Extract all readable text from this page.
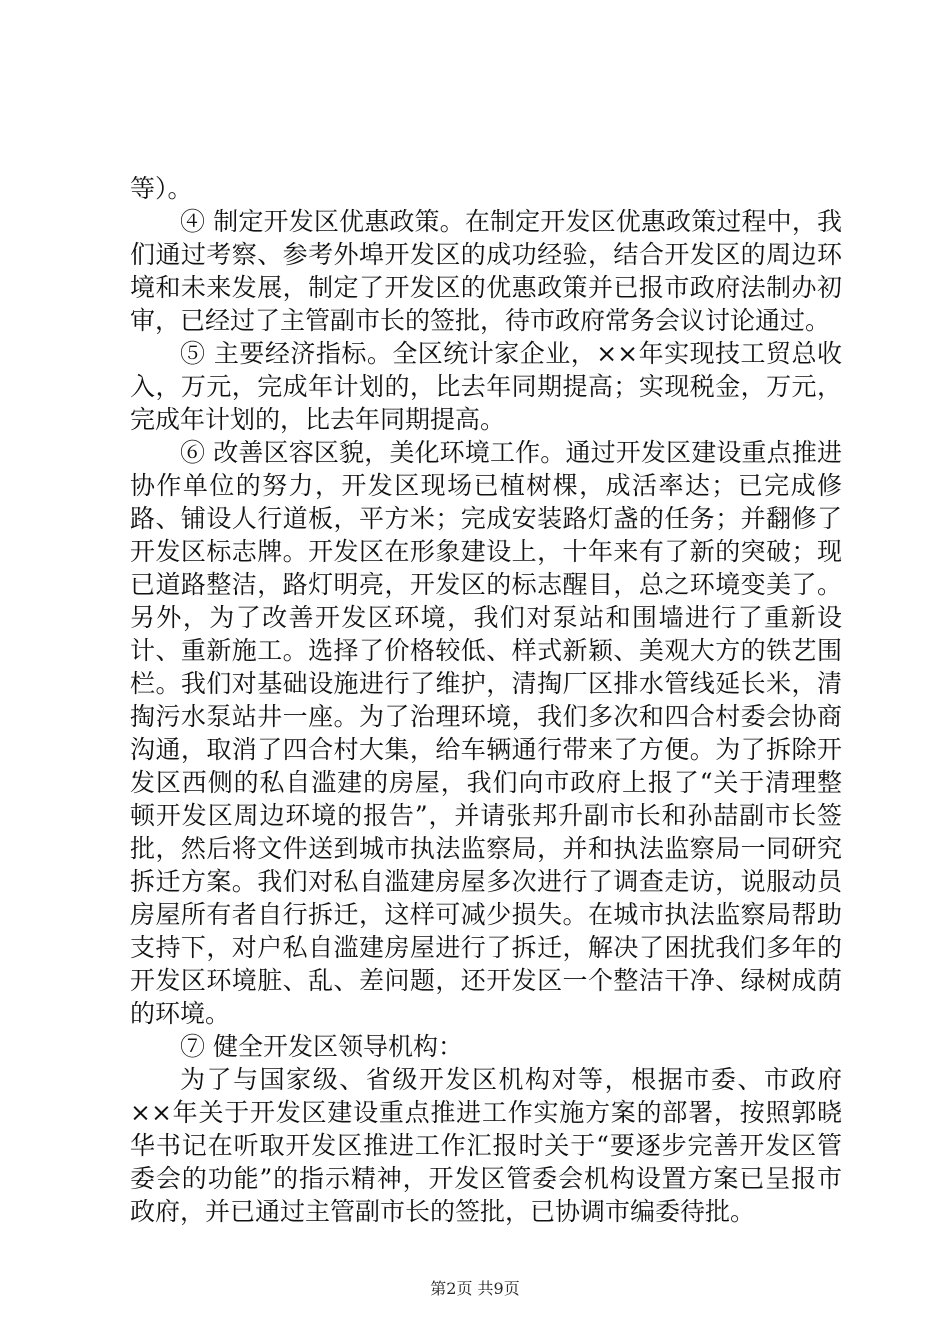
等）。

④ 制定开发区优惠政策。在制定开发区优惠政策过程中，我们通过考察、参考外埠开发区的成功经验，结合开发区的周边环境和未来发展，制定了开发区的优惠政策并已报市政府法制办初审，已经过了主管副市长的签批，待市政府常务会议讨论通过。

⑤ 主要经济指标。全区统计家企业，××年实现技工贸总收入，万元，完成年计划的，比去年同期提高；实现税金，万元，完成年计划的，比去年同期提高。

⑥ 改善区容区貌，美化环境工作。通过开发区建设重点推进协作单位的努力，开发区现场已植树棵，成活率达；已完成修路、铺设人行道板，平方米；完成安装路灯盏的任务；并翻修了开发区标志牌。开发区在形象建设上，十年来有了新的突破；现已道路整洁，路灯明亮，开发区的标志醒目，总之环境变美了。另外，为了改善开发区环境，我们对泵站和围墙进行了重新设计、重新施工。选择了价格较低、样式新颖、美观大方的铁艺围栏。我们对基础设施进行了维护，清掏厂区排水管线延长米，清掏污水泵站井一座。为了治理环境，我们多次和四合村委会协商沟通，取消了四合村大集，给车辆通行带来了方便。为了拆除开发区西侧的私自滥建的房屋，我们向市政府上报了“关于清理整顿开发区周边环境的报告”，并请张邦升副市长和孙喆副市长签批，然后将文件送到城市执法监察局，并和执法监察局一同研究拆迁方案。我们对私自滥建房屋多次进行了调查走访，说服动员房屋所有者自行拆迁，这样可减少损失。在城市执法监察局帮助支持下，对户私自滥建房屋进行了拆迁，解决了困扰我们多年的开发区环境脏、乱、差问题，还开发区一个整洁干净、绿树成荫的环境。

⑦ 健全开发区领导机构：

为了与国家级、省级开发区机构对等，根据市委、市政府××年关于开发区建设重点推进工作实施方案的部署，按照郭晓华书记在听取开发区推进工作汇报时关于“要逐步完善开发区管委会的功能”的指示精神，开发区管委会机构设置方案已呈报市政府，并已通过主管副市长的签批，已协调市编委待批。

第2页 共9页
